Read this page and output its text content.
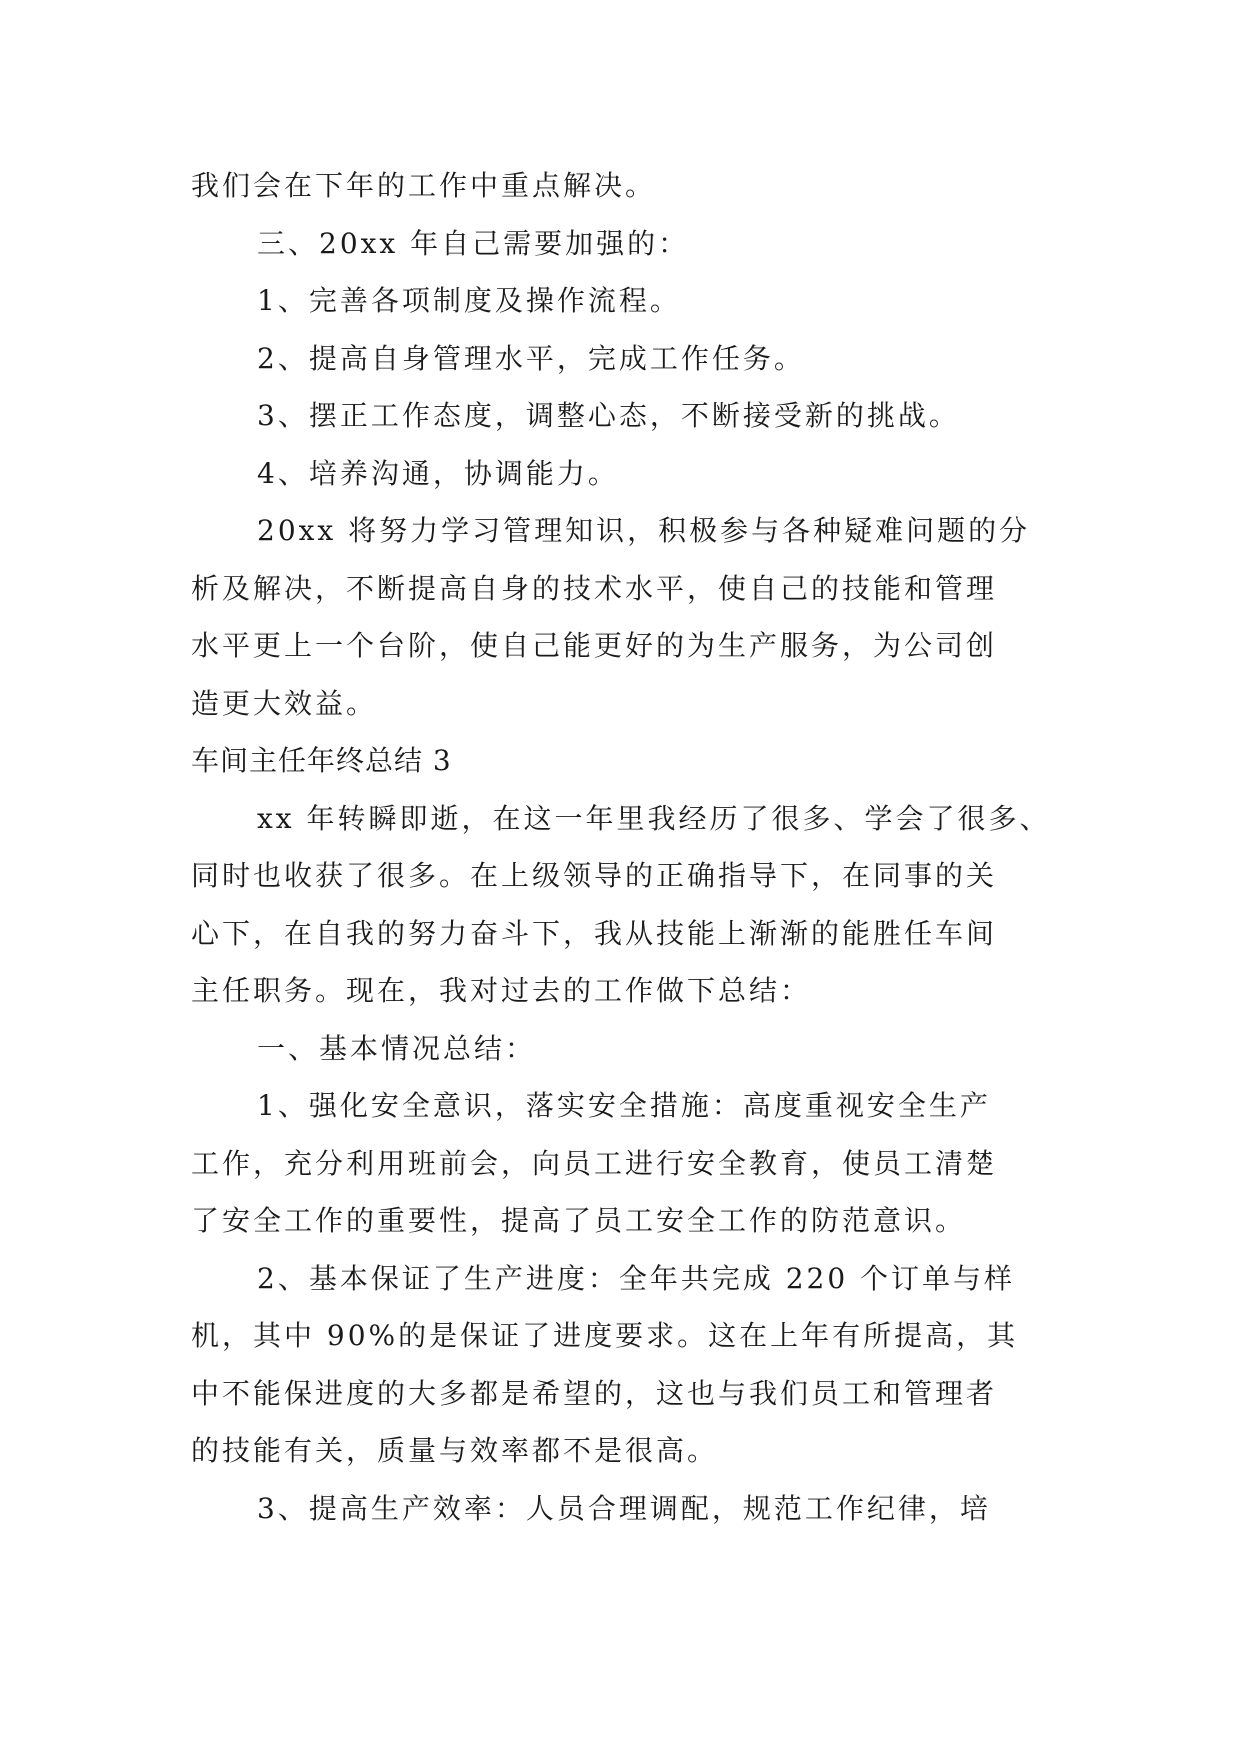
我们会在下年的工作中重点解决。
三、20xx 年自己需要加强的：
1、完善各项制度及操作流程。
2、提高自身管理水平，完成工作任务。
3、摆正工作态度，调整心态，不断接受新的挑战。
4、培养沟通，协调能力。
20xx 将努力学习管理知识，积极参与各种疑难问题的分
析及解决，不断提高自身的技术水平，使自己的技能和管理
水平更上一个台阶，使自己能更好的为生产服务，为公司创
造更大效益。
车间主任年终总结 3
xx 年转瞬即逝，在这一年里我经历了很多、学会了很多、
同时也收获了很多。在上级领导的正确指导下，在同事的关
心下，在自我的努力奋斗下，我从技能上渐渐的能胜任车间
主任职务。现在，我对过去的工作做下总结：
一、基本情况总结：
1、强化安全意识，落实安全措施：高度重视安全生产
工作，充分利用班前会，向员工进行安全教育，使员工清楚
了安全工作的重要性，提高了员工安全工作的防范意识。
2、基本保证了生产进度：全年共完成 220 个订单与样
机，其中 90%的是保证了进度要求。这在上年有所提高，其
中不能保进度的大多都是希望的，这也与我们员工和管理者
的技能有关，质量与效率都不是很高。
3、提高生产效率：人员合理调配，规范工作纪律，培
